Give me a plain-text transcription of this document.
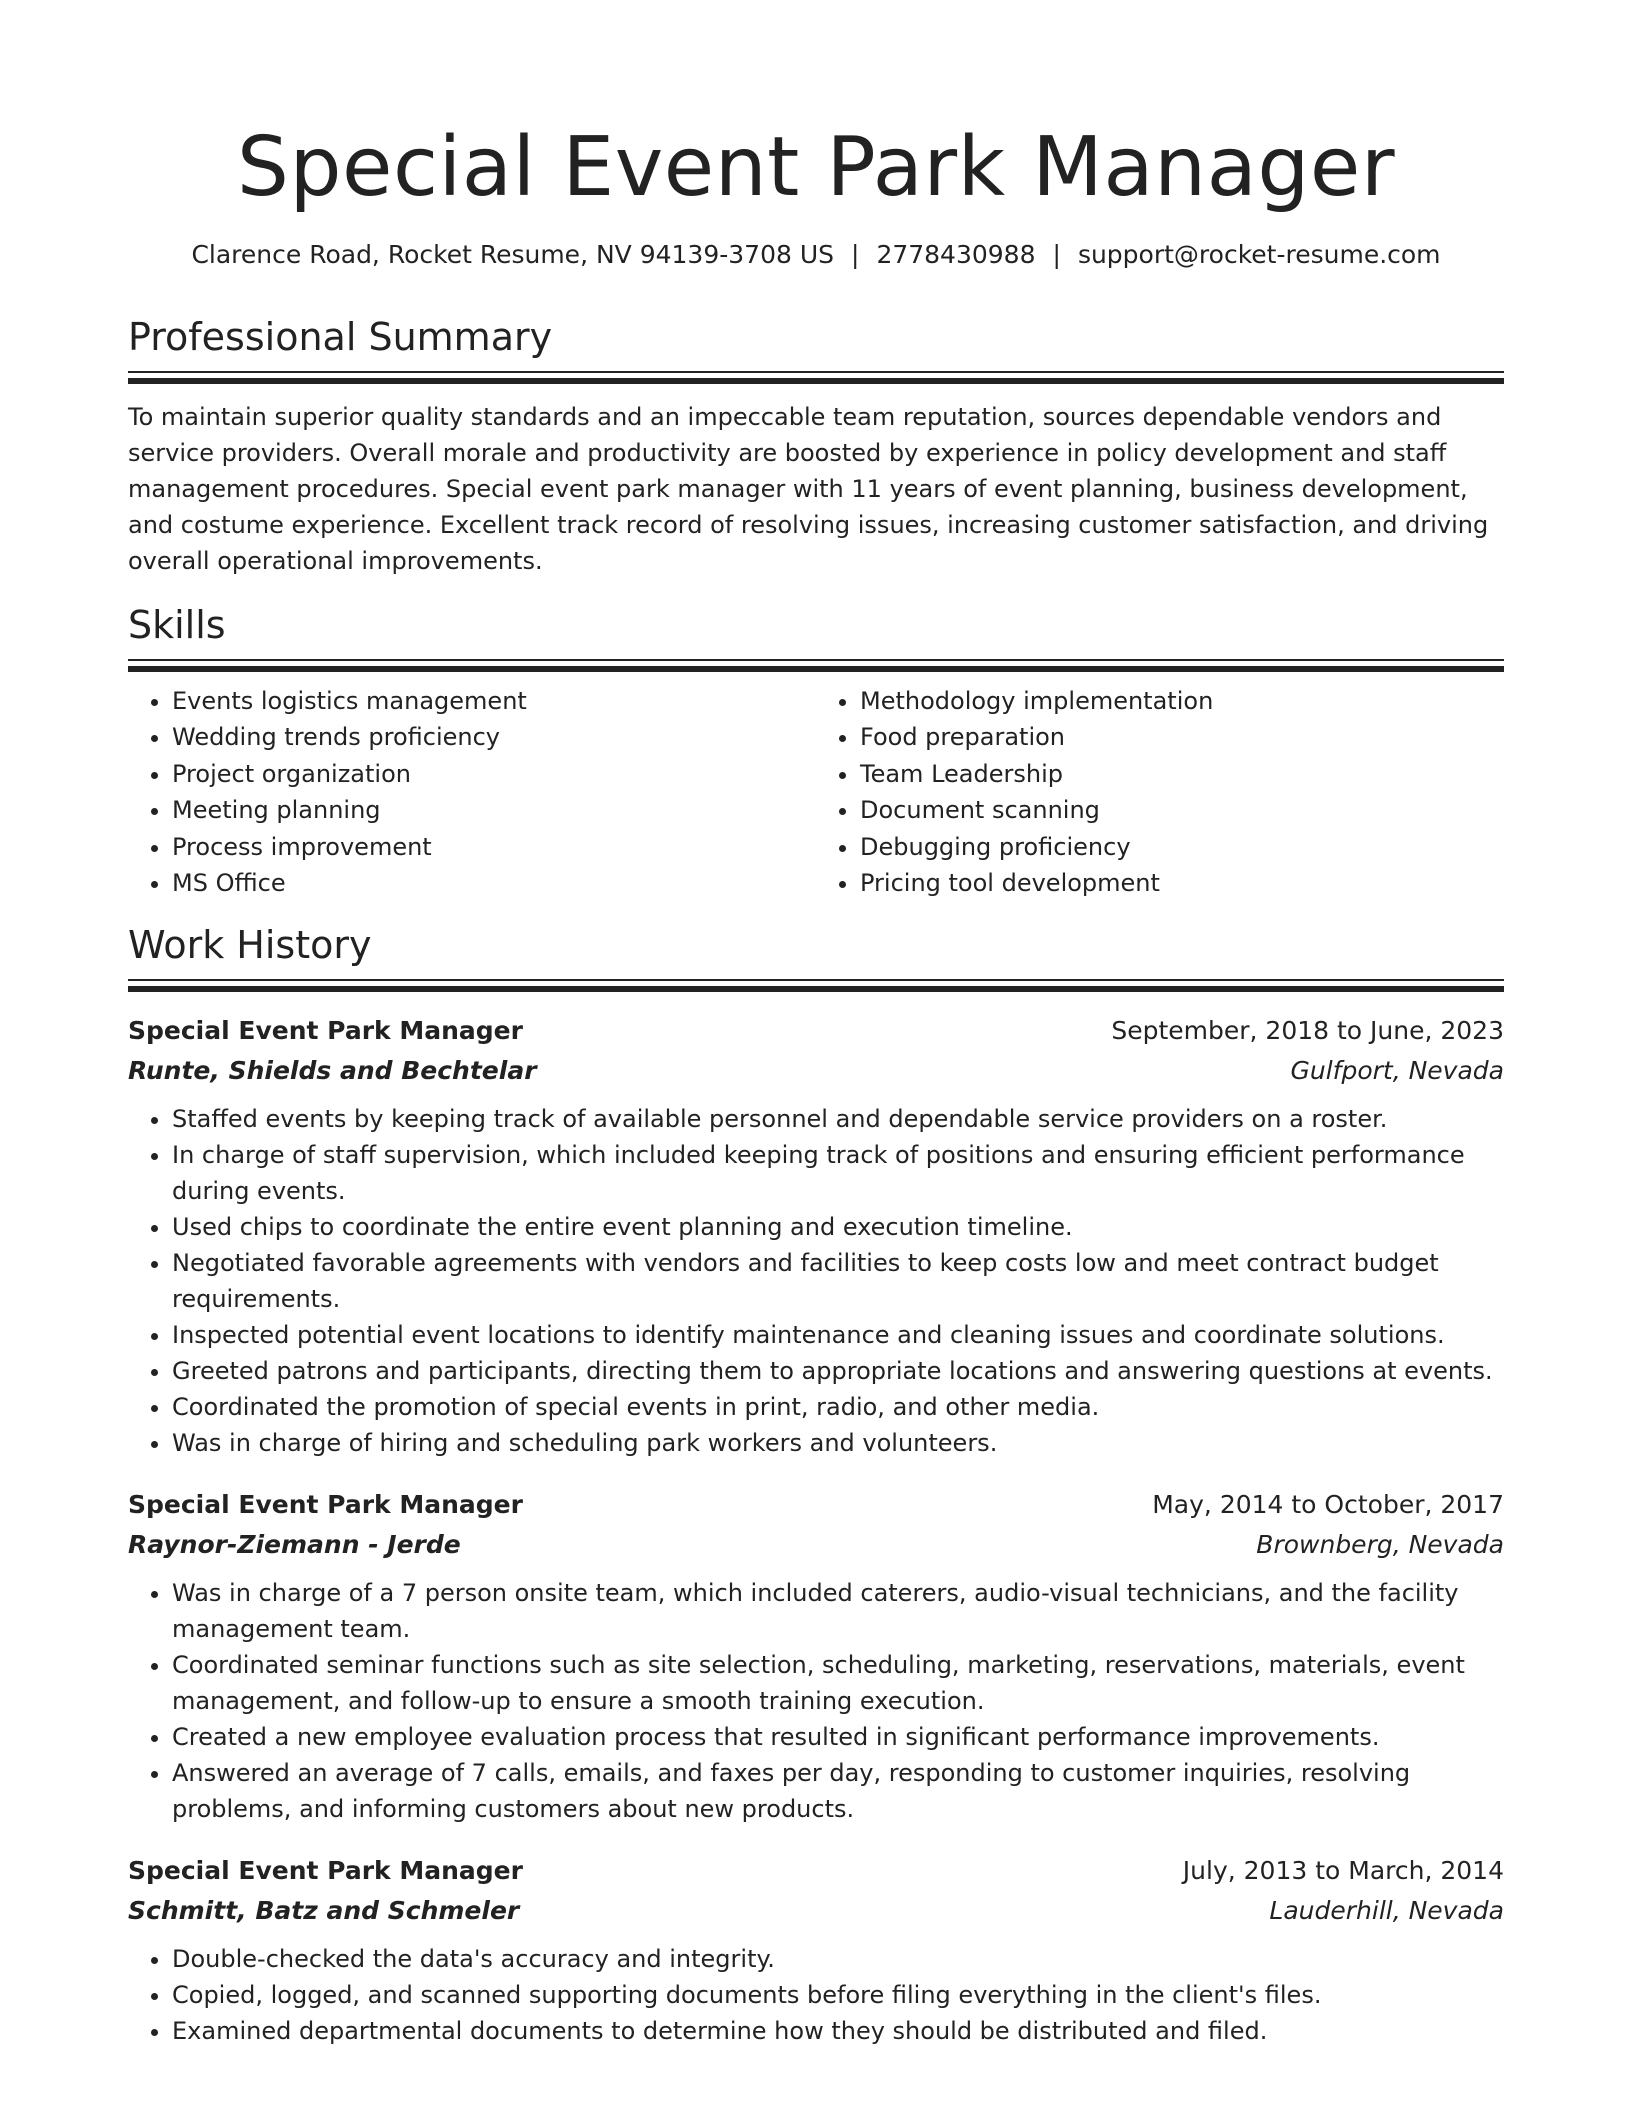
Special Event Park Manager
Clarence Road, Rocket Resume, NV 94139-3708 US | 2778430988 | support@rocket-resume.com
Professional Summary

To maintain superior quality standards and an impeccable team reputation, sources dependable vendors and service providers. Overall morale and productivity are boosted by experience in policy development and staff management procedures. Special event park manager with 11 years of event planning, business development, and costume experience. Excellent track record of resolving issues, increasing customer satisfaction, and driving overall operational improvements.

Skills
• Events logistics management
• Wedding trends proficiency
• Project organization
• Meeting planning
• Process improvement
• MS Office
• Methodology implementation
• Food preparation
• Team Leadership
• Document scanning
• Debugging proficiency
• Pricing tool development
Work History
Special Event Park Manager	September, 2018 to June, 2023
Runte, Shields and Bechtelar	Gulfport, Nevada
• Staffed events by keeping track of available personnel and dependable service providers on a roster.
• In charge of staff supervision, which included keeping track of positions and ensuring efficient performance during events.
• Used chips to coordinate the entire event planning and execution timeline.
• Negotiated favorable agreements with vendors and facilities to keep costs low and meet contract budget requirements.
• Inspected potential event locations to identify maintenance and cleaning issues and coordinate solutions.
• Greeted patrons and participants, directing them to appropriate locations and answering questions at events.
• Coordinated the promotion of special events in print, radio, and other media.
• Was in charge of hiring and scheduling park workers and volunteers.
Special Event Park Manager	May, 2014 to October, 2017
Raynor-Ziemann - Jerde	Brownberg, Nevada
• Was in charge of a 7 person onsite team, which included caterers, audio-visual technicians, and the facility management team.
• Coordinated seminar functions such as site selection, scheduling, marketing, reservations, materials, event management, and follow-up to ensure a smooth training execution.
• Created a new employee evaluation process that resulted in significant performance improvements.
• Answered an average of 7 calls, emails, and faxes per day, responding to customer inquiries, resolving problems, and informing customers about new products.
Special Event Park Manager	July, 2013 to March, 2014
Schmitt, Batz and Schmeler	Lauderhill, Nevada
• Double-checked the data's accuracy and integrity.
• Copied, logged, and scanned supporting documents before filing everything in the client's files.
• Examined departmental documents to determine how they should be distributed and filed.
